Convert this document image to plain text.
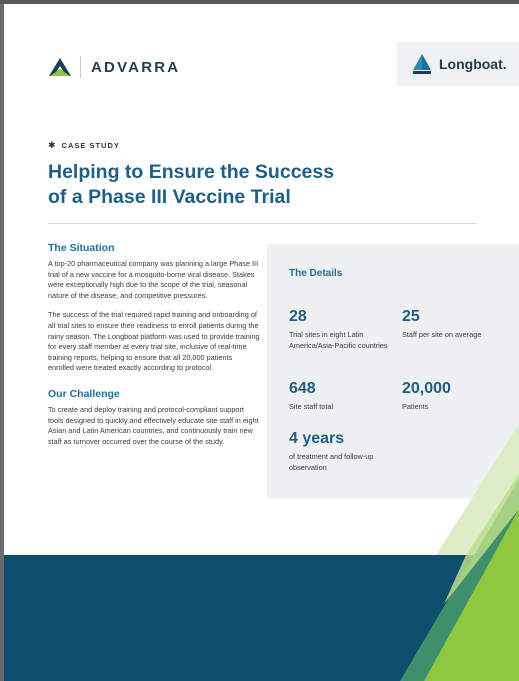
ADVARRA	Longboat.
✱ CASE STUDY
Helping to Ensure the Success
of a Phase III Vaccine Trial
The Situation

A top-20 pharmaceutical company was planning a large Phase III trial of a new vaccine for a mosquito-borne viral disease. Stakes were exceptionally high due to the scope of the trial, seasonal nature of the disease, and competitive pressures.

The success of the trial required rapid training and onboarding of all trial sites to ensure their readiness to enroll patients during the rainy season. The Longboat platform was used to provide training for every staff member at every trial site, inclusive of real-time training reports, helping to ensure that all 20,000 patients enrolled were treated exactly according to protocol.

Our Challenge

To create and deploy training and protocol-compliant support tools designed to quickly and effectively educate site staff in eight Asian and Latin American countries, and continuously train new staff as turnover occurred over the course of the study.

The Details
28
Trial sites in eight Latin America/Asia-Pacific countries
25
Staff per site on average
648
Site staff total
20,000
Patients
4 years
of treatment and follow-up observation
